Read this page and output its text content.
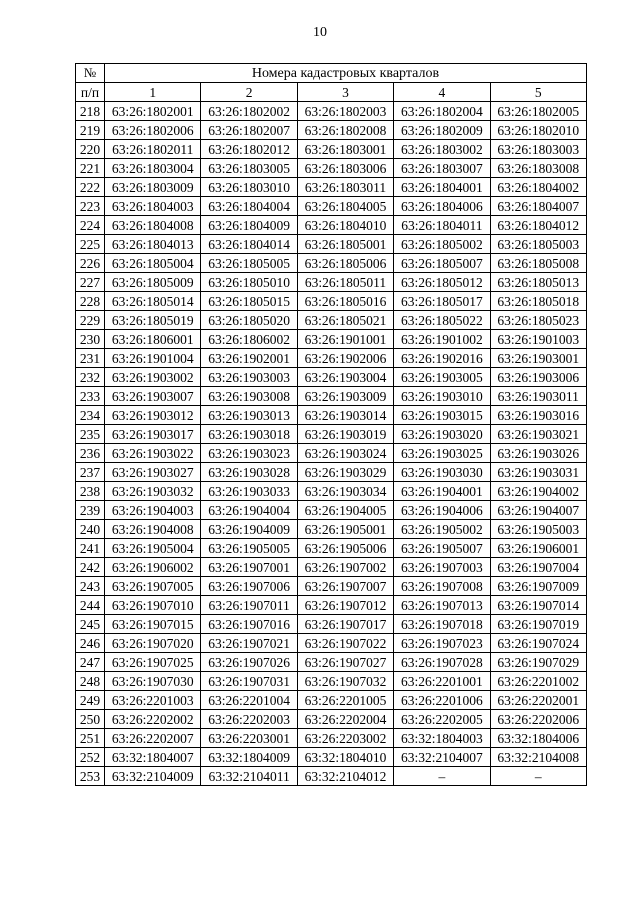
10
№	Номера кадастровых кварталов				
п/п	1	2	3	4	5
218	63:26:1802001	63:26:1802002	63:26:1802003	63:26:1802004	63:26:1802005
219	63:26:1802006	63:26:1802007	63:26:1802008	63:26:1802009	63:26:1802010
220	63:26:1802011	63:26:1802012	63:26:1803001	63:26:1803002	63:26:1803003
221	63:26:1803004	63:26:1803005	63:26:1803006	63:26:1803007	63:26:1803008
222	63:26:1803009	63:26:1803010	63:26:1803011	63:26:1804001	63:26:1804002
223	63:26:1804003	63:26:1804004	63:26:1804005	63:26:1804006	63:26:1804007
224	63:26:1804008	63:26:1804009	63:26:1804010	63:26:1804011	63:26:1804012
225	63:26:1804013	63:26:1804014	63:26:1805001	63:26:1805002	63:26:1805003
226	63:26:1805004	63:26:1805005	63:26:1805006	63:26:1805007	63:26:1805008
227	63:26:1805009	63:26:1805010	63:26:1805011	63:26:1805012	63:26:1805013
228	63:26:1805014	63:26:1805015	63:26:1805016	63:26:1805017	63:26:1805018
229	63:26:1805019	63:26:1805020	63:26:1805021	63:26:1805022	63:26:1805023
230	63:26:1806001	63:26:1806002	63:26:1901001	63:26:1901002	63:26:1901003
231	63:26:1901004	63:26:1902001	63:26:1902006	63:26:1902016	63:26:1903001
232	63:26:1903002	63:26:1903003	63:26:1903004	63:26:1903005	63:26:1903006
233	63:26:1903007	63:26:1903008	63:26:1903009	63:26:1903010	63:26:1903011
234	63:26:1903012	63:26:1903013	63:26:1903014	63:26:1903015	63:26:1903016
235	63:26:1903017	63:26:1903018	63:26:1903019	63:26:1903020	63:26:1903021
236	63:26:1903022	63:26:1903023	63:26:1903024	63:26:1903025	63:26:1903026
237	63:26:1903027	63:26:1903028	63:26:1903029	63:26:1903030	63:26:1903031
238	63:26:1903032	63:26:1903033	63:26:1903034	63:26:1904001	63:26:1904002
239	63:26:1904003	63:26:1904004	63:26:1904005	63:26:1904006	63:26:1904007
240	63:26:1904008	63:26:1904009	63:26:1905001	63:26:1905002	63:26:1905003
241	63:26:1905004	63:26:1905005	63:26:1905006	63:26:1905007	63:26:1906001
242	63:26:1906002	63:26:1907001	63:26:1907002	63:26:1907003	63:26:1907004
243	63:26:1907005	63:26:1907006	63:26:1907007	63:26:1907008	63:26:1907009
244	63:26:1907010	63:26:1907011	63:26:1907012	63:26:1907013	63:26:1907014
245	63:26:1907015	63:26:1907016	63:26:1907017	63:26:1907018	63:26:1907019
246	63:26:1907020	63:26:1907021	63:26:1907022	63:26:1907023	63:26:1907024
247	63:26:1907025	63:26:1907026	63:26:1907027	63:26:1907028	63:26:1907029
248	63:26:1907030	63:26:1907031	63:26:1907032	63:26:2201001	63:26:2201002
249	63:26:2201003	63:26:2201004	63:26:2201005	63:26:2201006	63:26:2202001
250	63:26:2202002	63:26:2202003	63:26:2202004	63:26:2202005	63:26:2202006
251	63:26:2202007	63:26:2203001	63:26:2203002	63:32:1804003	63:32:1804006
252	63:32:1804007	63:32:1804009	63:32:1804010	63:32:2104007	63:32:2104008
253	63:32:2104009	63:32:2104011	63:32:2104012	–	–
